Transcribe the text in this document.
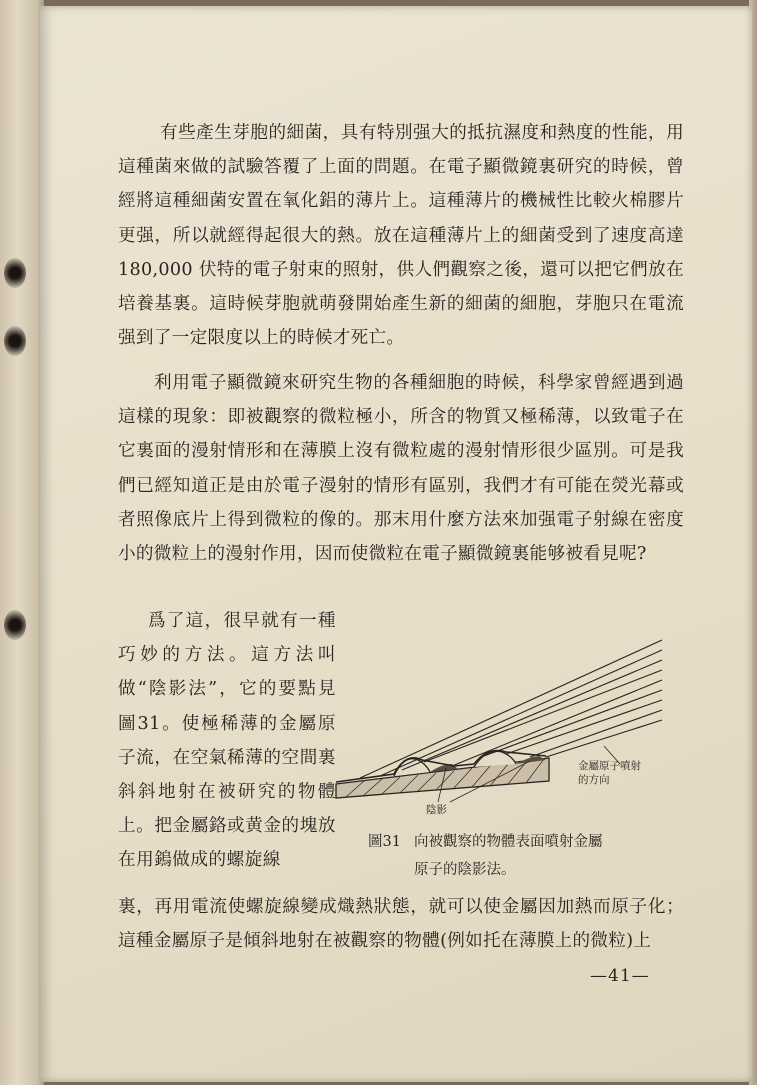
有些產生芽胞的細菌，具有特別强大的抵抗濕度和熱度的性能，用這種菌來做的試驗答覆了上面的問題。在電子顯微鏡裏研究的時候，曾經將這種細菌安置在氧化鋁的薄片上。這種薄片的機械性比較火棉膠片更强，所以就經得起很大的熱。放在這種薄片上的細菌受到了速度高達 180,000 伏特的電子射束的照射，供人們觀察之後，還可以把它們放在培養基裏。這時候芽胞就萌發開始產生新的細菌的細胞，芽胞只在電流强到了一定限度以上的時候才死亡。

利用電子顯微鏡來研究生物的各種細胞的時候，科學家曾經遇到過這樣的現象：即被觀察的微粒極小，所含的物質又極稀薄，以致電子在它裏面的漫射情形和在薄膜上沒有微粒處的漫射情形很少區別。可是我們已經知道正是由於電子漫射的情形有區别，我們才有可能在熒光幕或者照像底片上得到微粒的像的。那末用什麼方法來加强電子射線在密度小的微粒上的漫射作用，因而使微粒在電子顯微鏡裏能够被看見呢?

爲了這，很早就有一種巧妙的方法。這方法叫做“陰影法”，它的要點見圖31。使極稀薄的金屬原子流，在空氣稀薄的空間裏斜斜地射在被研究的物體上。把金屬鉻或黄金的塊放在用鎢做成的螺旋線

金屬原子噴射
的方向
陰影
圖31 向被觀察的物體表面噴射金屬
原子的陰影法。

裏，再用電流使螺旋線變成熾熱狀態，就可以使金屬因加熱而原子化；這種金屬原子是傾斜地射在被觀察的物體(例如托在薄膜上的微粒)上

—41—
